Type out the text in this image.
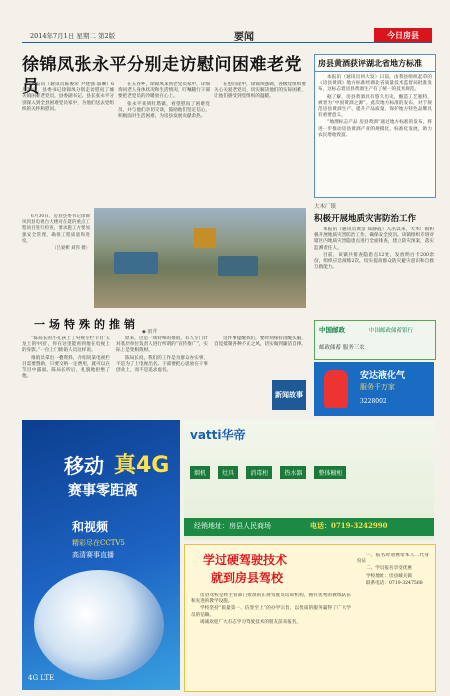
2014年7月1日 星期二 第2版	要闻	今日房县
徐锦凤张永平分别走访慰问困难老党员

本报讯（通讯员陈俊荣 尹建强 邵琳）6月30日，县委书记徐锦凤分别走访慰问了城关镇困难老党员，县委副书记、县长张永平分别深入到全县困难党员家中，为他们送去党组织的关怀和慰问。

在五谷乡，徐锦凤来到老党员家中，详细询问老人身体状况和生活情况，叮嘱随行干部要把老党员的冷暖放在心上。

张永平来到红塔镇，看望慰问了困难党员，并与他们亲切交谈，鼓励他们坚定信心，积极面对生活困难，为房县发展贡献余热。

在慰问途中，徐锦凤强调，各级党组织要关心关爱老党员，切实解决他们的实际困难，让他们感受到党组织的温暖。

6月30日，房县县委书记徐锦凤到县电视台大楼对在建的重点工程项目进行检查，要求施工方要加强安全管理，确保工程质量和进度。

（吕爱彬 刘伟 摄）
房县黄酒获评湖北省地方标准

本报讯（通讯员何大发）日前，由我县组织起草的《房县黄酒》地方标准经湖北省质量技术监督局批准发布，这标志着房县黄酒生产有了统一的技术规范。

据了解，房县黄酒具有悠久历史，酿造工艺独特，被誉为“中国黄酒之源”。此次地方标准的发布，对于规范房县黄酒生产、提升产品质量、保护地方特色品牌具有重要意义。

“地理标志产品 房县黄酒”通过地方标准的发布，将进一步推动房县黄酒产业的规模化、标准化发展，助力农民增收致富。

大木厂镇
积极开展地质灾害防治工作

本报讯（通讯员黄彦 郑静霞）入汛以来，大木厂镇积极开展地质灾害防治工作，确保安全度汛。该镇组织专班对辖区内地质灾害隐患点进行全面排查，建立防灾预案，落实监测责任人。

目前，该镇共排查隐患点12处，发放明白卡200余份，组织应急演练2次，切实提高群众防灾避灾意识和自救互救能力。

一场特殊的推销
◆ 雨芹

“陈局长的小孔孩上了央视专栏节目‘玉龙上的中国’，你在这里能看到他在电视上的身影。”一位上门推销人员这样说。

推销员拿出一叠资料，介绍说某电视栏目需要赞助，只要交纳一定费用，就可以在节目中露面。陈局长听后，礼貌地拒绝了他。

原来，这是一场特殊的推销，有人专门针对基层单位负责人进行所谓的“宣传推广”，实际上是变相敛财。

陈局长说，我们的工作是为群众办实事，不是为了上电视出名。干部要把心思放在干事创业上，而不是追求虚名。

这件事提醒我们，要时刻保持清醒头脑，自觉抵制各种不正之风，切实做到廉洁自律。

新闻故事
中国邮政	中国邮政储蓄银行
邮政储蓄 服务三农
安达液化气
服务千万家
3228002
移动 真4G
赛事零距离
和视频
精彩尽在CCTV5
高清赛事直播
4G LTE
vatti华帝
烟机	灶具	消毒柜	热水器	整体橱柜
经销地址：房县人民商场	电话：0719-3242990
学过硬驾驶技术
就到房县驾校

房县驾校是经主管部门批准的正规驾驶员培训机构，拥有优秀的教练队伍和先进的教学设施。

学校坚持“质量第一、信誉至上”的办学宗旨，以优质的服务赢得了广大学员的信赖。

竭诚欢迎广大有志学习驾驶技术的朋友前来报名。

一、报名时请携带本人二代身份证

二、学员报名享受优惠

学校地址：房县城关镇

联系电话：0719-3247568
